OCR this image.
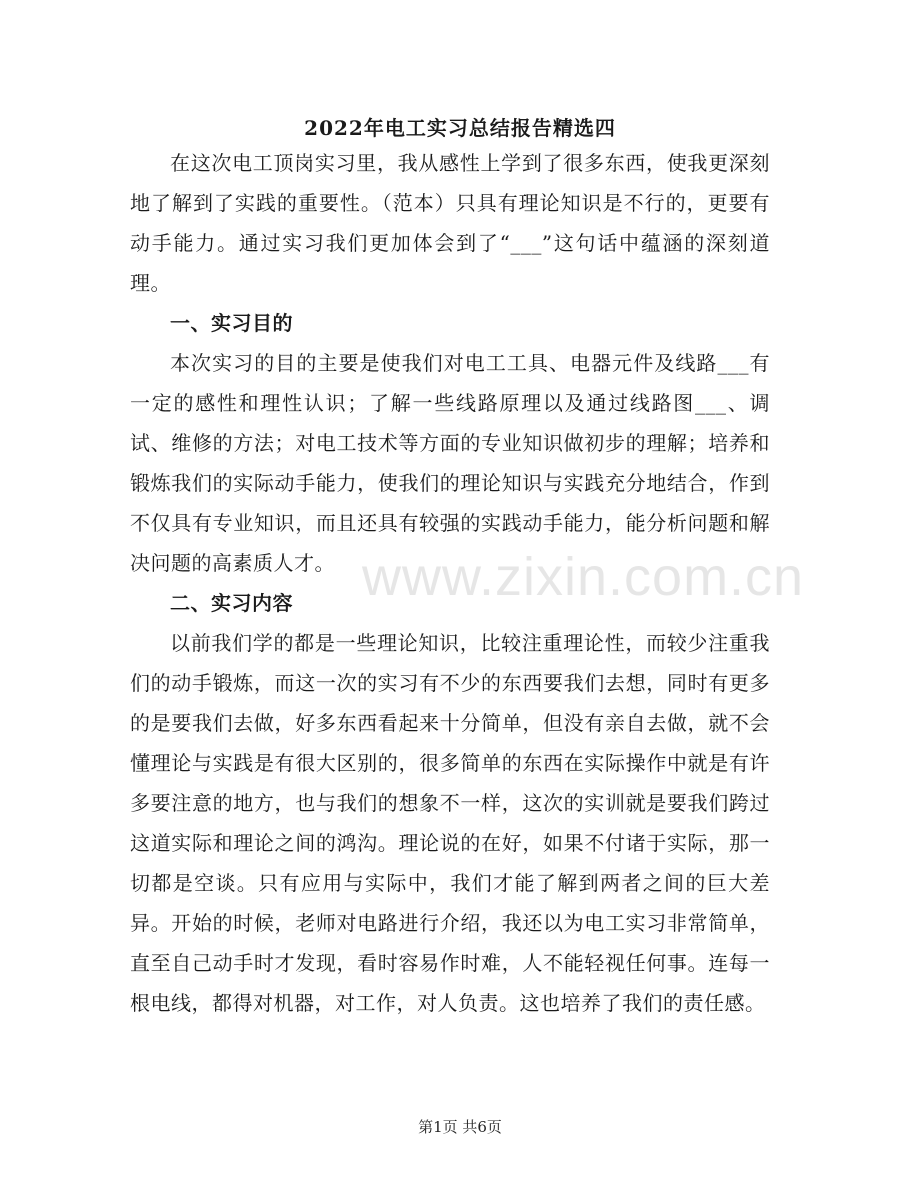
2022年电工实习总结报告精选四

在这次电工顶岗实习里，我从感性上学到了很多东西，使我更深刻地了解到了实践的重要性。（范本）只具有理论知识是不行的，更要有动手能力。通过实习我们更加体会到了“___”这句话中蕴涵的深刻道理。

一、实习目的

本次实习的目的主要是使我们对电工工具、电器元件及线路___有一定的感性和理性认识；了解一些线路原理以及通过线路图___、调试、维修的方法；对电工技术等方面的专业知识做初步的理解；培养和锻炼我们的实际动手能力，使我们的理论知识与实践充分地结合，作到不仅具有专业知识，而且还具有较强的实践动手能力，能分析问题和解决问题的高素质人才。

二、实习内容

以前我们学的都是一些理论知识，比较注重理论性，而较少注重我们的动手锻炼，而这一次的实习有不少的东西要我们去想，同时有更多的是要我们去做，好多东西看起来十分简单，但没有亲自去做，就不会懂理论与实践是有很大区别的，很多简单的东西在实际操作中就是有许多要注意的地方，也与我们的想象不一样，这次的实训就是要我们跨过这道实际和理论之间的鸿沟。理论说的在好，如果不付诸于实际，那一切都是空谈。只有应用与实际中，我们才能了解到两者之间的巨大差异。开始的时候，老师对电路进行介绍，我还以为电工实习非常简单，直至自己动手时才发现，看时容易作时难，人不能轻视任何事。连每一根电线，都得对机器，对工作，对人负责。这也培养了我们的责任感。

www.zixin.com.cn
第1页 共6页
